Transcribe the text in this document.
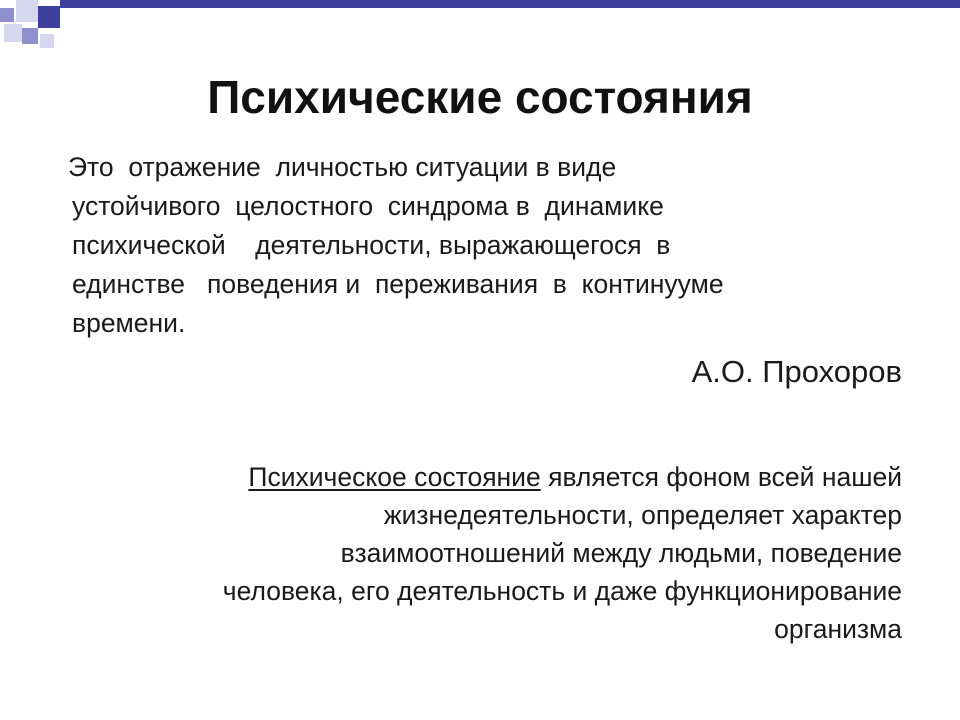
Психические состояния
Это  отражение  личностью ситуации в виде
устойчивого  целостного  синдрома в  динамике
психической    деятельности, выражающегося  в
единстве   поведения и  переживания  в  континууме
времени.
А.О. Прохоров
Психическое состояние является фоном всей нашей
жизнедеятельности, определяет характер
взаимоотношений между людьми, поведение
человека, его деятельность и даже функционирование
организма
